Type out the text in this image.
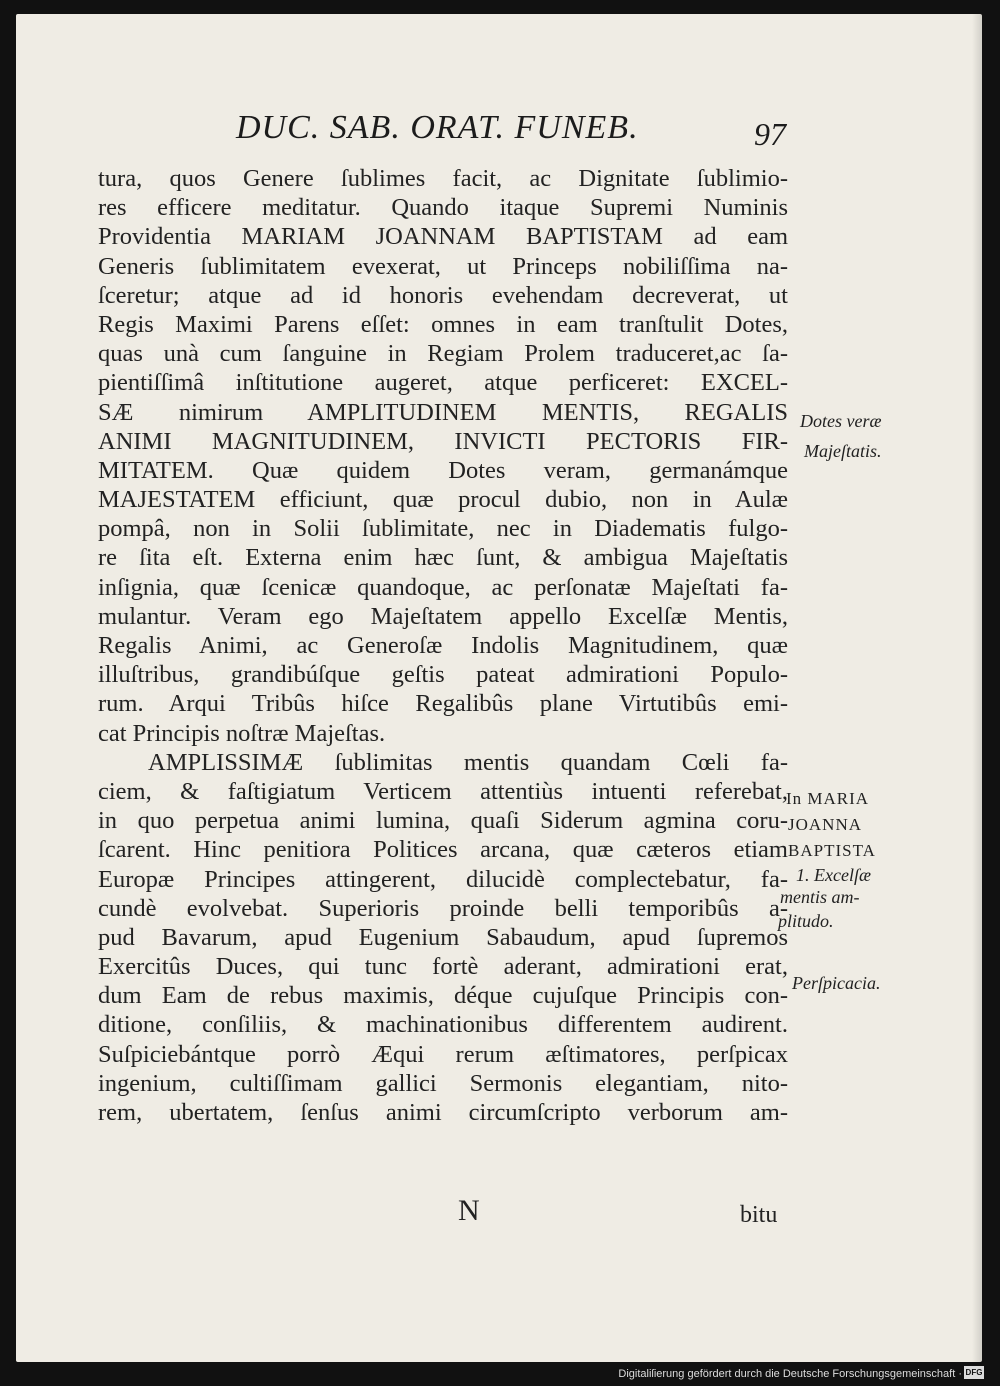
DUC. SAB. ORAT. FUNEB.	97
tura, quos Genere ſublimes facit, ac Dignitate ſublimio-
res efficere meditatur. Quando itaque Supremi Numinis
Providentia MARIAM JOANNAM BAPTISTAM ad eam
Generis ſublimitatem evexerat, ut Princeps nobiliſſima na-
ſceretur; atque ad id honoris evehendam decreverat, ut
Regis Maximi Parens eſſet: omnes in eam tranſtulit Dotes,
quas unà cum ſanguine in Regiam Prolem traduceret,ac ſa-
pientiſſimâ inſtitutione augeret, atque perficeret: EXCEL-
SÆ nimirum AMPLITUDINEM MENTIS, REGALIS
ANIMI MAGNITUDINEM, INVICTI PECTORIS FIR-
MITATEM. Quæ quidem Dotes veram, germanámque
MAJESTATEM efficiunt, quæ procul dubio, non in Aulæ
pompâ, non in Solii ſublimitate, nec in Diadematis fulgo-
re ſita eſt. Externa enim hæc ſunt, & ambigua Majeſtatis
inſignia, quæ ſcenicæ quandoque, ac perſonatæ Majeſtati fa-
mulantur. Veram ego Majeſtatem appello Excelſæ Mentis,
Regalis Animi, ac Generoſæ Indolis Magnitudinem, quæ
illuſtribus, grandibúſque geſtis pateat admirationi Populo-
rum. Arqui Tribûs hiſce Regalibûs plane Virtutibûs emi-
cat Principis noſtræ Majeſtas.
AMPLISSIMÆ ſublimitas mentis quandam Cœli fa-
ciem, & faſtigiatum Verticem attentiùs intuenti referebat,
in quo perpetua animi lumina, quaſi Siderum agmina coru-
ſcarent. Hinc penitiora Politices arcana, quæ cæteros etiam
Europæ Principes attingerent, dilucidè complectebatur, fa-
cundè evolvebat. Superioris proinde belli temporibûs a-
pud Bavarum, apud Eugenium Sabaudum, apud ſupremos
Exercitûs Duces, qui tunc fortè aderant, admirationi erat,
dum Eam de rebus maximis, déque cujuſque Principis con-
ditione, conſiliis, & machinationibus differentem audirent.
Suſpiciebántque porrò Æqui rerum æſtimatores, perſpicax
ingenium, cultiſſimam gallici Sermonis elegantiam, nito-
rem, ubertatem, ſenſus animi circumſcripto verborum am-
Dotes veræ
Majeſtatis.
In MARIA
JOANNA
BAPTISTA
1. Excelſæ
mentis am-
plitudo.
Perſpicacia.
N	bitu
Digitaliſierung gefördert durch die Deutsche Forschungsgemeinschaft · DFG
